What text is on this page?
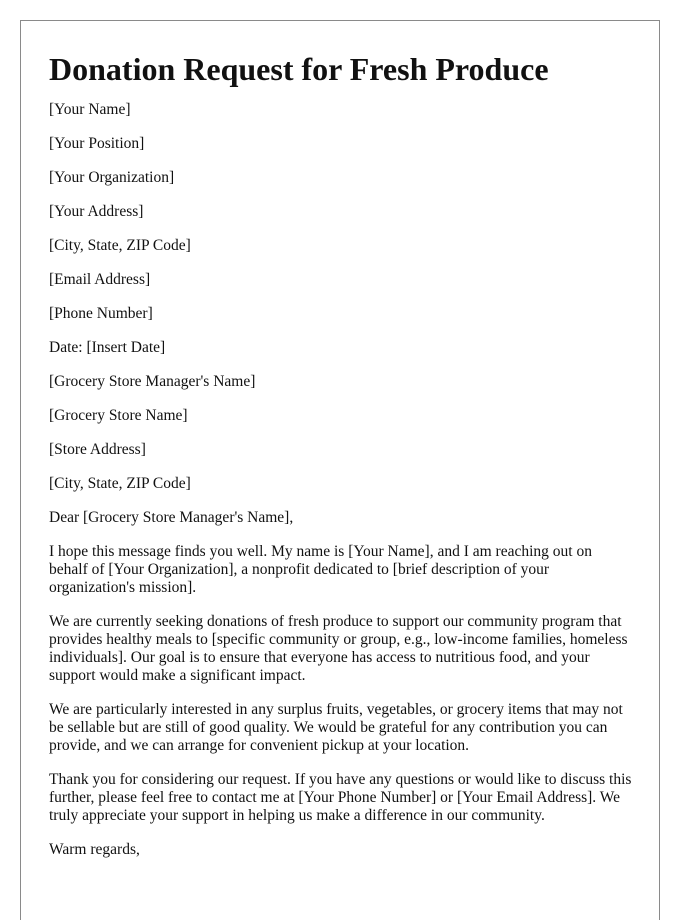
Donation Request for Fresh Produce

[Your Name]

[Your Position]

[Your Organization]

[Your Address]

[City, State, ZIP Code]

[Email Address]

[Phone Number]

Date: [Insert Date]

[Grocery Store Manager's Name]

[Grocery Store Name]

[Store Address]

[City, State, ZIP Code]

Dear [Grocery Store Manager's Name],

I hope this message finds you well. My name is [Your Name], and I am reaching out on behalf of [Your Organization], a nonprofit dedicated to [brief description of your organization's mission].

We are currently seeking donations of fresh produce to support our community program that provides healthy meals to [specific community or group, e.g., low-income families, homeless individuals]. Our goal is to ensure that everyone has access to nutritious food, and your support would make a significant impact.

We are particularly interested in any surplus fruits, vegetables, or grocery items that may not be sellable but are still of good quality. We would be grateful for any contribution you can provide, and we can arrange for convenient pickup at your location.

Thank you for considering our request. If you have any questions or would like to discuss this further, please feel free to contact me at [Your Phone Number] or [Your Email Address]. We truly appreciate your support in helping us make a difference in our community.

Warm regards,
